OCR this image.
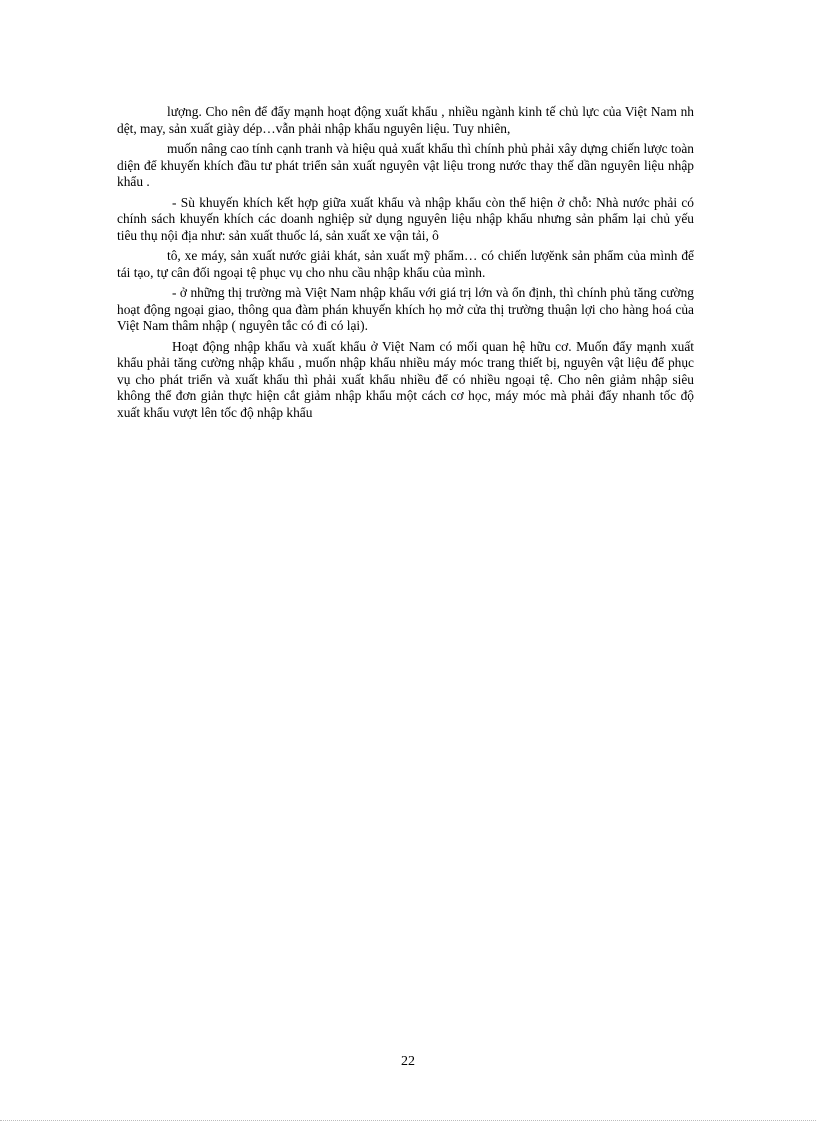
lượng. Cho nên để đẩy mạnh hoạt động xuất khẩu , nhiều ngành kinh tế chủ lực của Việt Nam nh dệt, may, sản xuất giày dép…vẫn phải nhập khẩu nguyên liệu. Tuy nhiên,

muốn nâng cao tính cạnh tranh và hiệu quả xuất khẩu thì chính phủ phải xây dựng chiến lược toàn diện để khuyến khích đầu tư phát triển sản xuất nguyên vật liệu trong nước thay thế dần nguyên liệu nhập khẩu .

- Sù khuyến khích kết hợp giữa xuất khẩu và nhập khẩu còn thể hiện ở chỗ: Nhà nước phải có chính sách khuyến khích các doanh nghiệp sử dụng nguyên liệu nhập khẩu nhưng sản phẩm lại chủ yếu tiêu thụ nội địa như: sản xuất thuốc lá, sản xuất xe vận tải, ô

tô, xe máy, sản xuất nước giải khát, sản xuất mỹ phẩm… có chiến lượĕnk sản phẩm của mình để tái tạo, tự cân đối ngoại tệ phục vụ cho nhu cầu nhập khẩu của mình.

- ở những thị trường mà Việt Nam nhập khẩu với giá trị lớn và ổn định, thì chính phủ tăng cường hoạt động ngoại giao, thông qua đàm phán khuyến khích họ mở cửa thị trường thuận lợi cho hàng hoá của Việt Nam thâm nhập ( nguyên tắc có đi có lại).

Hoạt động nhập khẩu và xuất khẩu ở Việt Nam có mối quan hệ hữu cơ. Muốn đẩy mạnh xuất khẩu phải tăng cường nhập khẩu , muốn nhập khẩu nhiều máy móc trang thiết bị, nguyên vật liệu để phục vụ cho phát triển và xuất khẩu thì phải xuất khẩu nhiều để có nhiều ngoại tệ. Cho nên giảm nhập siêu không thể đơn giản thực hiện cắt giảm nhập khẩu một cách cơ học, máy móc mà phải đẩy nhanh tốc độ xuất khẩu vượt lên tốc độ nhập khẩu

22
